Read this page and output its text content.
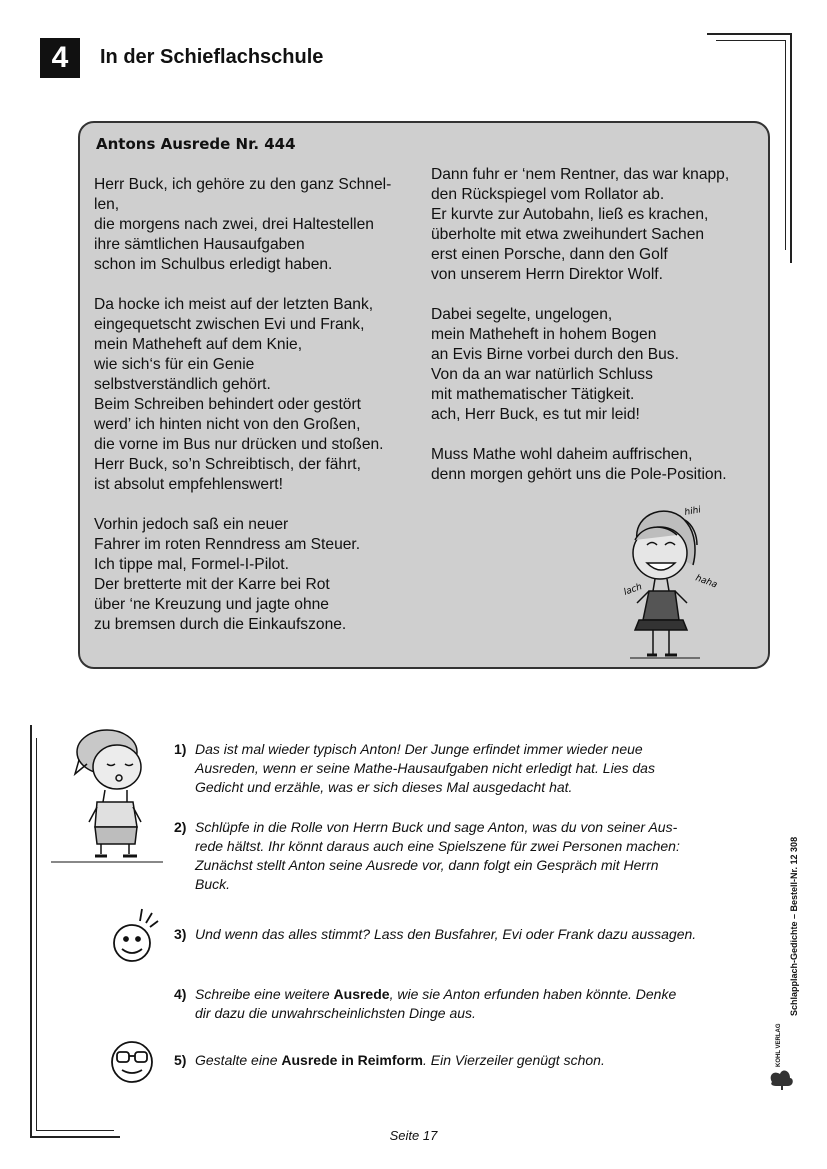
4	In der Schieflachschule
Antons Ausrede Nr. 444
Herr Buck, ich gehöre zu den ganz Schnel-
len,
die morgens nach zwei, drei Haltestellen
ihre sämtlichen Hausaufgaben
schon im Schulbus erledigt haben.
Da hocke ich meist auf der letzten Bank,
eingequetscht zwischen Evi und Frank,
mein Matheheft auf dem Knie,
wie sich‘s für ein Genie
selbstverständlich gehört.
Beim Schreiben behindert oder gestört
werd’ ich hinten nicht von den Großen,
die vorne im Bus nur drücken und stoßen.
Herr Buck, so’n Schreibtisch, der fährt,
ist absolut empfehlenswert!
Vorhin jedoch saß ein neuer
Fahrer im roten Renndress am Steuer.
Ich tippe mal, Formel-I-Pilot.
Der bretterte mit der Karre bei Rot
über ‘ne Kreuzung und jagte ohne
zu bremsen durch die Einkaufszone.
Dann fuhr er ‘nem Rentner, das war knapp,
den Rückspiegel vom Rollator ab.
Er kurvte zur Autobahn, ließ es krachen,
überholte mit etwa zweihundert Sachen
erst einen Porsche, dann den Golf
von unserem Herrn Direktor Wolf.
Dabei segelte, ungelogen,
mein Matheheft in hohem Bogen
an Evis Birne vorbei durch den Bus.
Von da an war natürlich Schluss
mit mathematischer Tätigkeit.
ach, Herr Buck, es tut mir leid!
Muss Mathe wohl daheim auffrischen,
denn morgen gehört uns die Pole-Position.
hihi
lach	haha
1) Das ist mal wieder typisch Anton! Der Junge erfindet immer wieder neue
Ausreden, wenn er seine Mathe-Hausaufgaben nicht erledigt hat. Lies das
Gedicht und erzähle, was er sich dieses Mal ausgedacht hat.
2) Schlüpfe in die Rolle von Herrn Buck und sage Anton, was du von seiner Aus-
rede hältst. Ihr könnt daraus auch eine Spielszene für zwei Personen machen:
Zunächst stellt Anton seine Ausrede vor, dann folgt ein Gespräch mit Herrn
Buck.
3) Und wenn das alles stimmt? Lass den Busfahrer, Evi oder Frank dazu aussagen.
4) Schreibe eine weitere Ausrede, wie sie Anton erfunden haben könnte. Denke
dir dazu die unwahrscheinlichsten Dinge aus.
5) Gestalte eine Ausrede in Reimform. Ein Vierzeiler genügt schon.
Schlapplach-Gedichte – Bestell-Nr. 12 308
KOHL VERLAG
Seite 17
